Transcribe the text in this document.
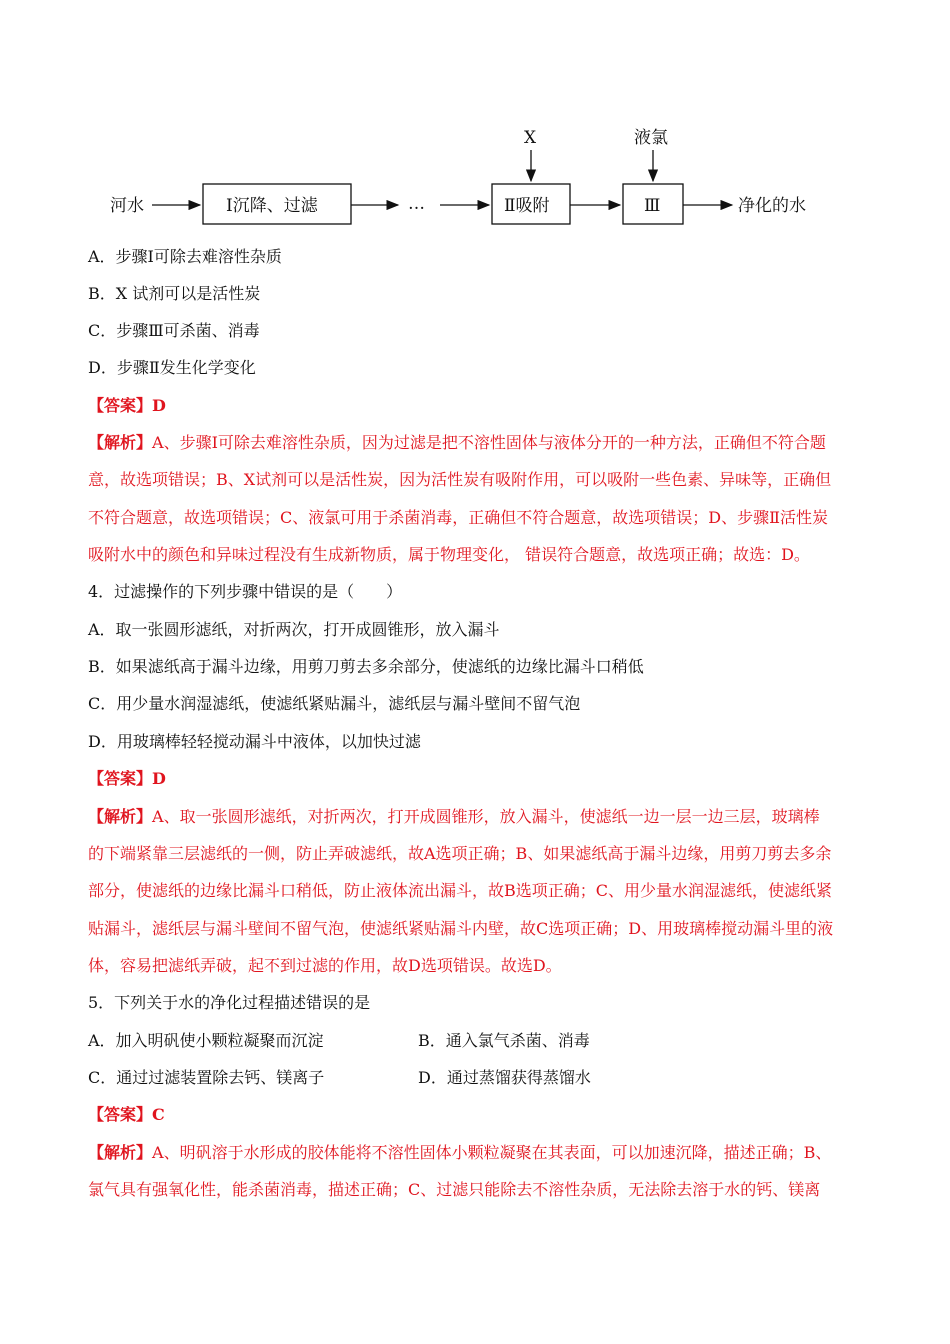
河水	Ⅰ沉降、过滤	…	Ⅱ吸附	Ⅲ	净化的水
X	液氯
A．步骤Ⅰ可除去难溶性杂质
B．X 试剂可以是活性炭
C．步骤Ⅲ可杀菌、消毒
D．步骤Ⅱ发生化学变化
【答案】D
【解析】A、步骤Ⅰ可除去难溶性杂质，因为过滤是把不溶性固体与液体分开的一种方法，正确但不符合题
意，故选项错误；B、X试剂可以是活性炭，因为活性炭有吸附作用，可以吸附一些色素、异味等，正确但
不符合题意，故选项错误；C、液氯可用于杀菌消毒，正确但不符合题意，故选项错误；D、步骤Ⅱ活性炭
吸附水中的颜色和异味过程没有生成新物质，属于物理变化， 错误符合题意，故选项正确；故选：D。
4．过滤操作的下列步骤中错误的是（　　）
A．取一张圆形滤纸，对折两次，打开成圆锥形，放入漏斗
B．如果滤纸高于漏斗边缘，用剪刀剪去多余部分，使滤纸的边缘比漏斗口稍低
C．用少量水润湿滤纸，使滤纸紧贴漏斗，滤纸层与漏斗壁间不留气泡
D．用玻璃棒轻轻搅动漏斗中液体，以加快过滤
【答案】D
【解析】A、取一张圆形滤纸，对折两次，打开成圆锥形，放入漏斗，使滤纸一边一层一边三层，玻璃棒
的下端紧靠三层滤纸的一侧，防止弄破滤纸，故A选项正确；B、如果滤纸高于漏斗边缘，用剪刀剪去多余
部分，使滤纸的边缘比漏斗口稍低，防止液体流出漏斗，故B选项正确；C、用少量水润湿滤纸，使滤纸紧
贴漏斗，滤纸层与漏斗壁间不留气泡，使滤纸紧贴漏斗内壁，故C选项正确；D、用玻璃棒搅动漏斗里的液
体，容易把滤纸弄破，起不到过滤的作用，故D选项错误。故选D。
5．下列关于水的净化过程描述错误的是
A．加入明矾使小颗粒凝聚而沉淀	B．通入氯气杀菌、消毒
C．通过过滤装置除去钙、镁离子	D．通过蒸馏获得蒸馏水
【答案】C
【解析】A、明矾溶于水形成的胶体能将不溶性固体小颗粒凝聚在其表面，可以加速沉降，描述正确；B、
氯气具有强氧化性，能杀菌消毒，描述正确；C、过滤只能除去不溶性杂质，无法除去溶于水的钙、镁离
